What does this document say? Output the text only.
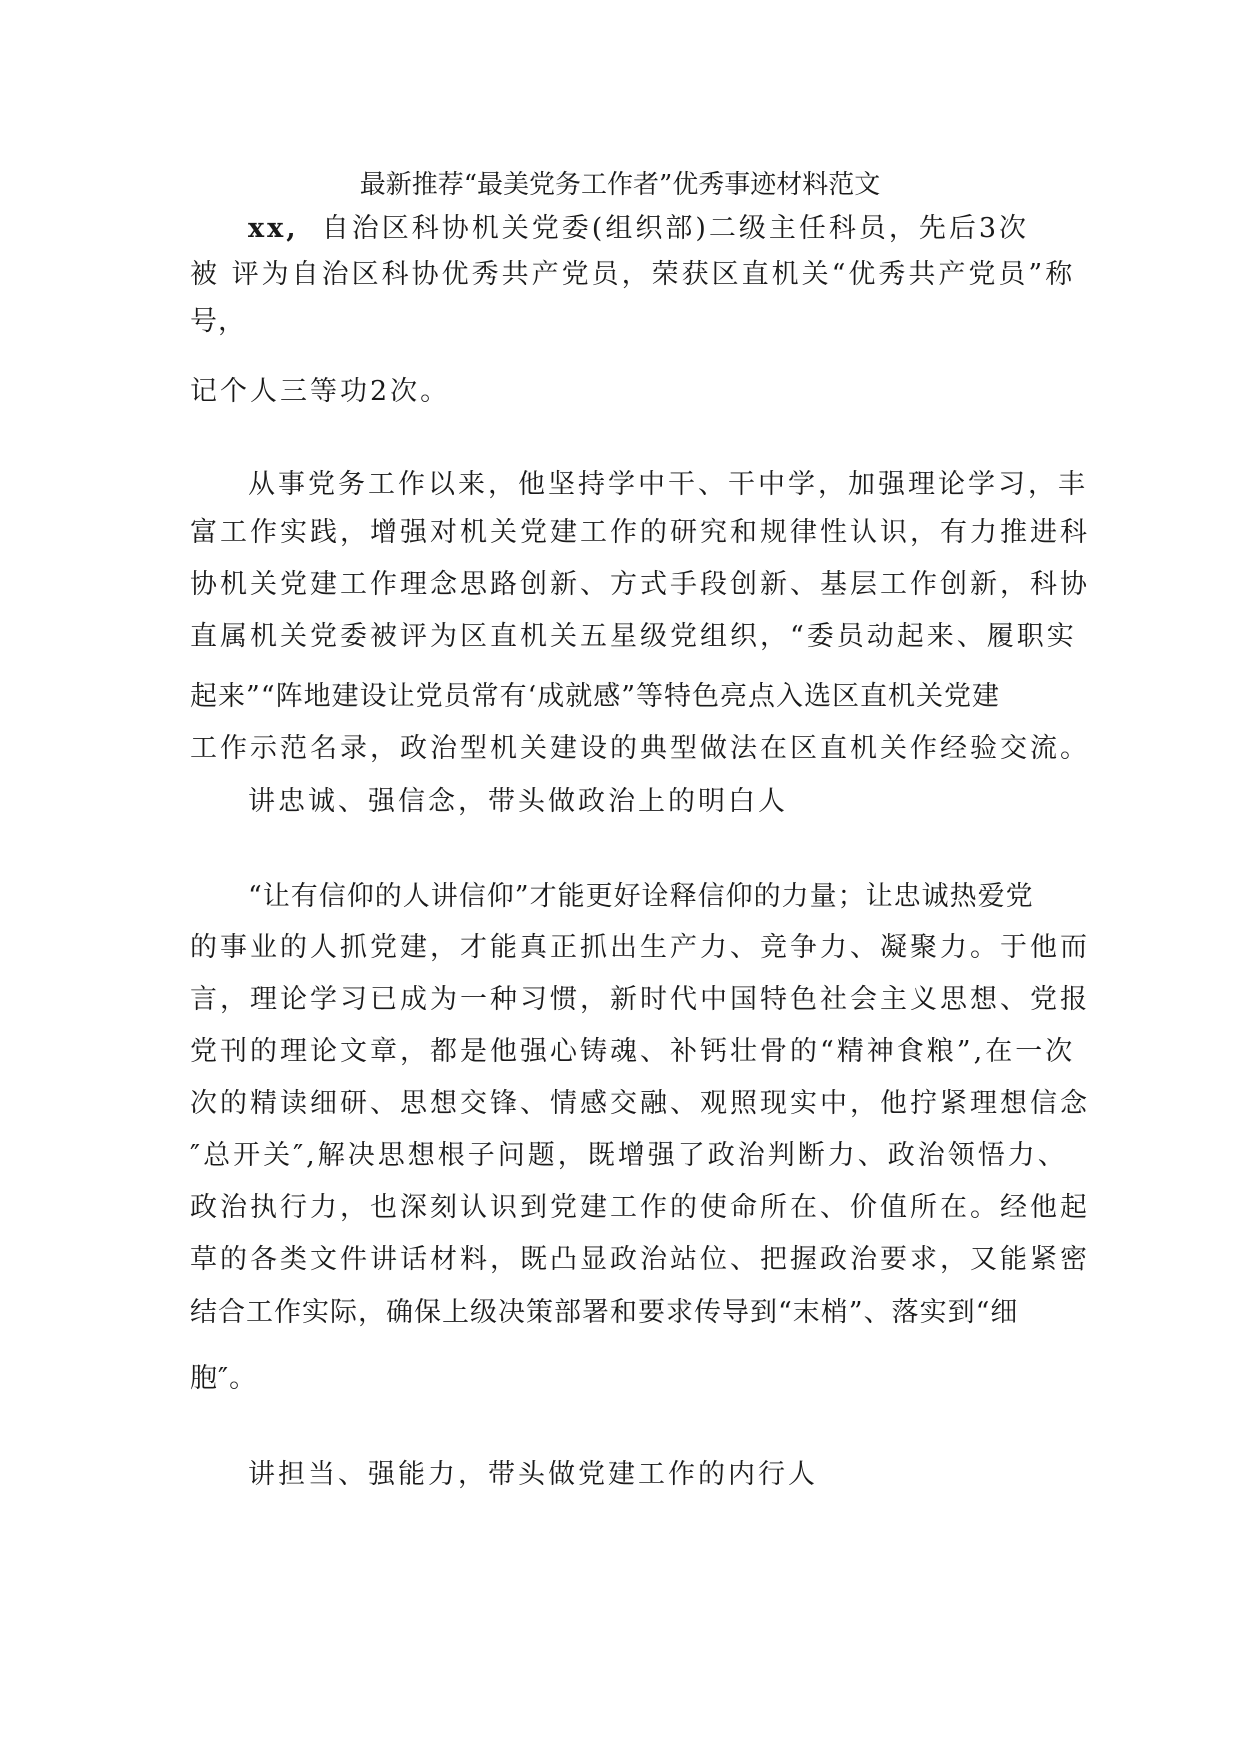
最新推荐“最美党务工作者”优秀事迹材料范文
xx, 自治区科协机关党委(组织部)二级主任科员，先后3次
被 评为自治区科协优秀共产党员，荣获区直机关“优秀共产党员”称
号，
记个人三等功2次。
从事党务工作以来，他坚持学中干、干中学，加强理论学习，丰
富工作实践，增强对机关党建工作的研究和规律性认识，有力推进科
协机关党建工作理念思路创新、方式手段创新、基层工作创新，科协
直属机关党委被评为区直机关五星级党组织，“委员动起来、履职实
起来”“阵地建设让党员常有‘成就感”等特色亮点入选区直机关党建
工作示范名录，政治型机关建设的典型做法在区直机关作经验交流。
讲忠诚、强信念，带头做政治上的明白人
“让有信仰的人讲信仰”才能更好诠释信仰的力量；让忠诚热爱党
的事业的人抓党建，才能真正抓出生产力、竞争力、凝聚力。于他而
言，理论学习已成为一种习惯，新时代中国特色社会主义思想、党报
党刊的理论文章，都是他强心铸魂、补钙壮骨的“精神食粮”,在一次
次的精读细研、思想交锋、情感交融、观照现实中，他拧紧理想信念
″总开关″,解决思想根子问题，既增强了政治判断力、政治领悟力、
政治执行力，也深刻认识到党建工作的使命所在、价值所在。经他起
草的各类文件讲话材料，既凸显政治站位、把握政治要求，又能紧密
结合工作实际，确保上级决策部署和要求传导到“末梢”、落实到“细
胞″。
讲担当、强能力，带头做党建工作的内行人
